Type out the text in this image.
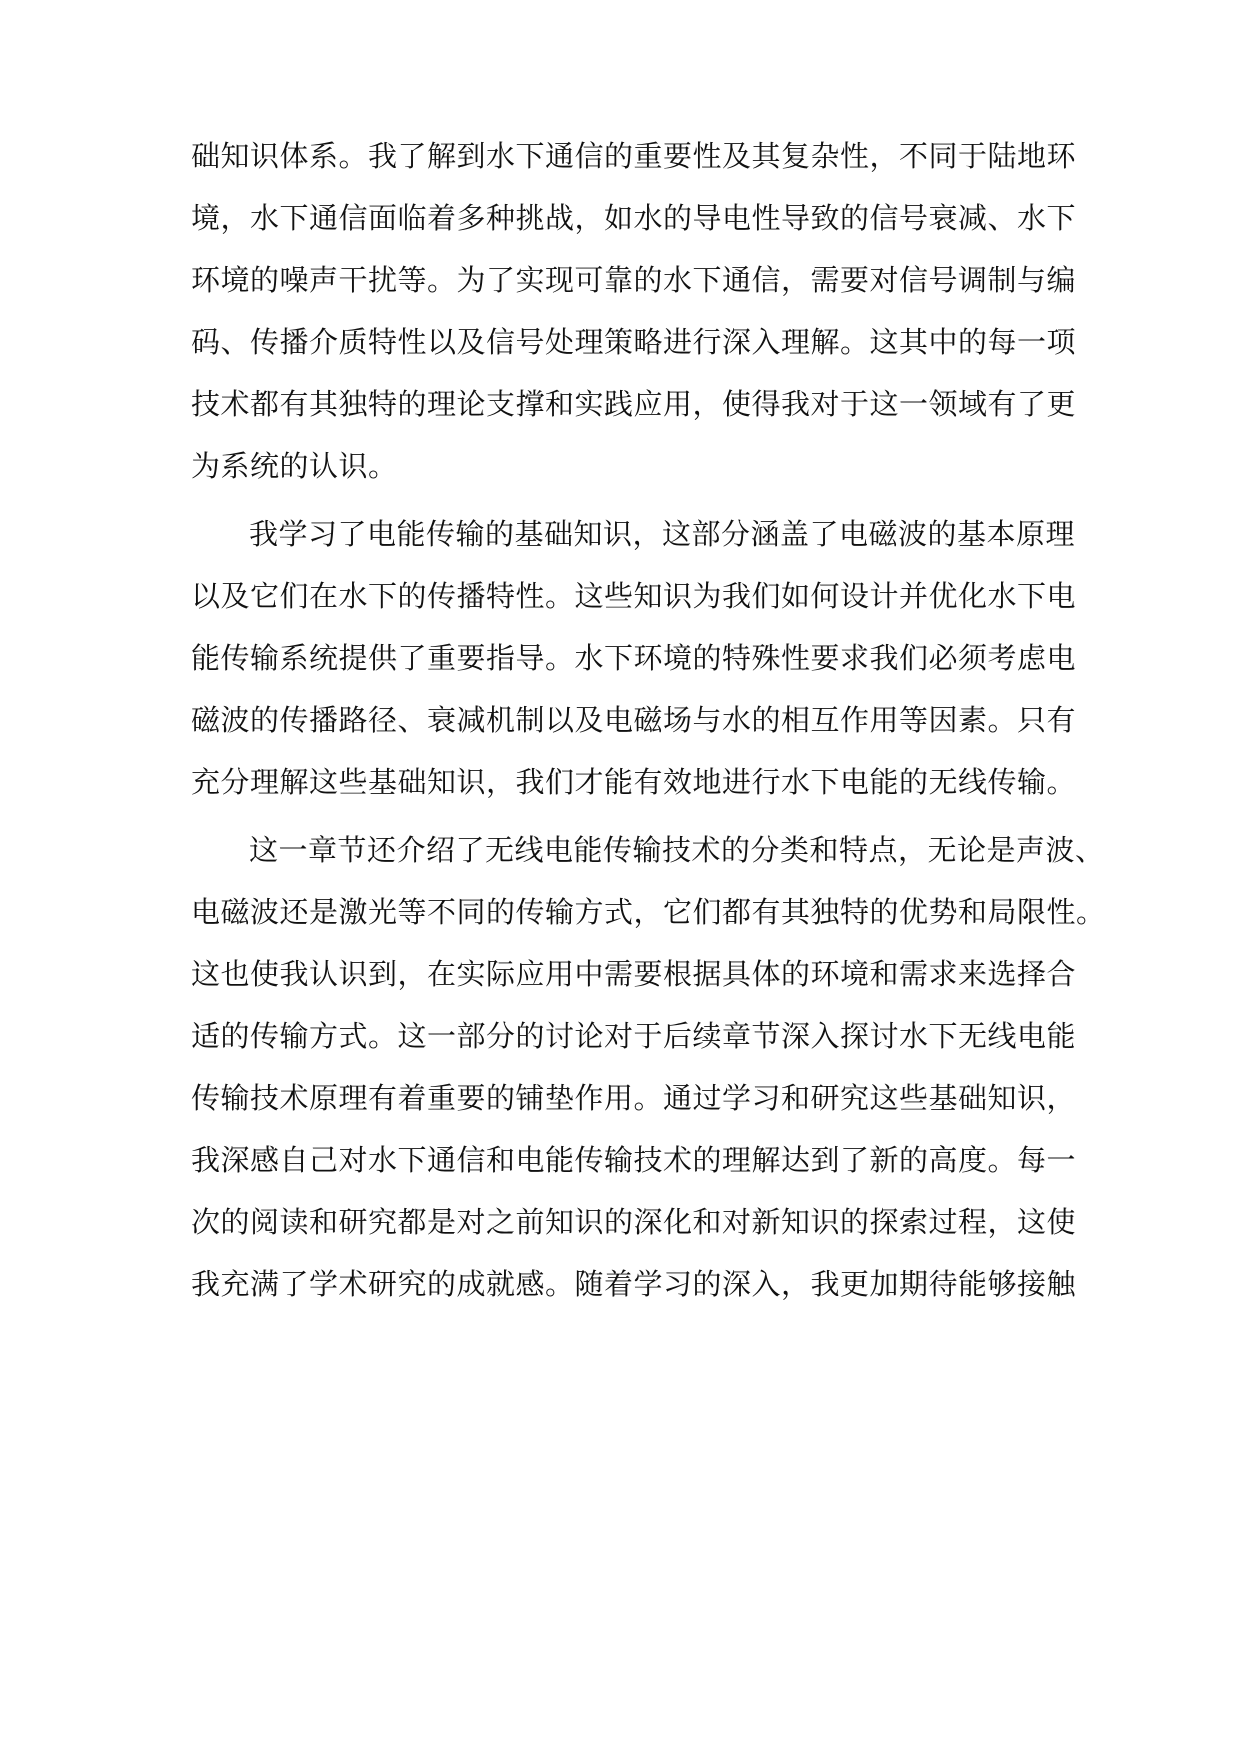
础知识体系。我了解到水下通信的重要性及其复杂性，不同于陆地环
境，水下通信面临着多种挑战，如水的导电性导致的信号衰减、水下
环境的噪声干扰等。为了实现可靠的水下通信，需要对信号调制与编
码、传播介质特性以及信号处理策略进行深入理解。这其中的每一项
技术都有其独特的理论支撑和实践应用，使得我对于这一领域有了更
为系统的认识。
我学习了电能传输的基础知识，这部分涵盖了电磁波的基本原理
以及它们在水下的传播特性。这些知识为我们如何设计并优化水下电
能传输系统提供了重要指导。水下环境的特殊性要求我们必须考虑电
磁波的传播路径、衰减机制以及电磁场与水的相互作用等因素。只有
充分理解这些基础知识，我们才能有效地进行水下电能的无线传输。
这一章节还介绍了无线电能传输技术的分类和特点，无论是声波、
电磁波还是激光等不同的传输方式，它们都有其独特的优势和局限性。
这也使我认识到，在实际应用中需要根据具体的环境和需求来选择合
适的传输方式。这一部分的讨论对于后续章节深入探讨水下无线电能
传输技术原理有着重要的铺垫作用。通过学习和研究这些基础知识，
我深感自己对水下通信和电能传输技术的理解达到了新的高度。每一
次的阅读和研究都是对之前知识的深化和对新知识的探索过程，这使
我充满了学术研究的成就感。随着学习的深入，我更加期待能够接触
